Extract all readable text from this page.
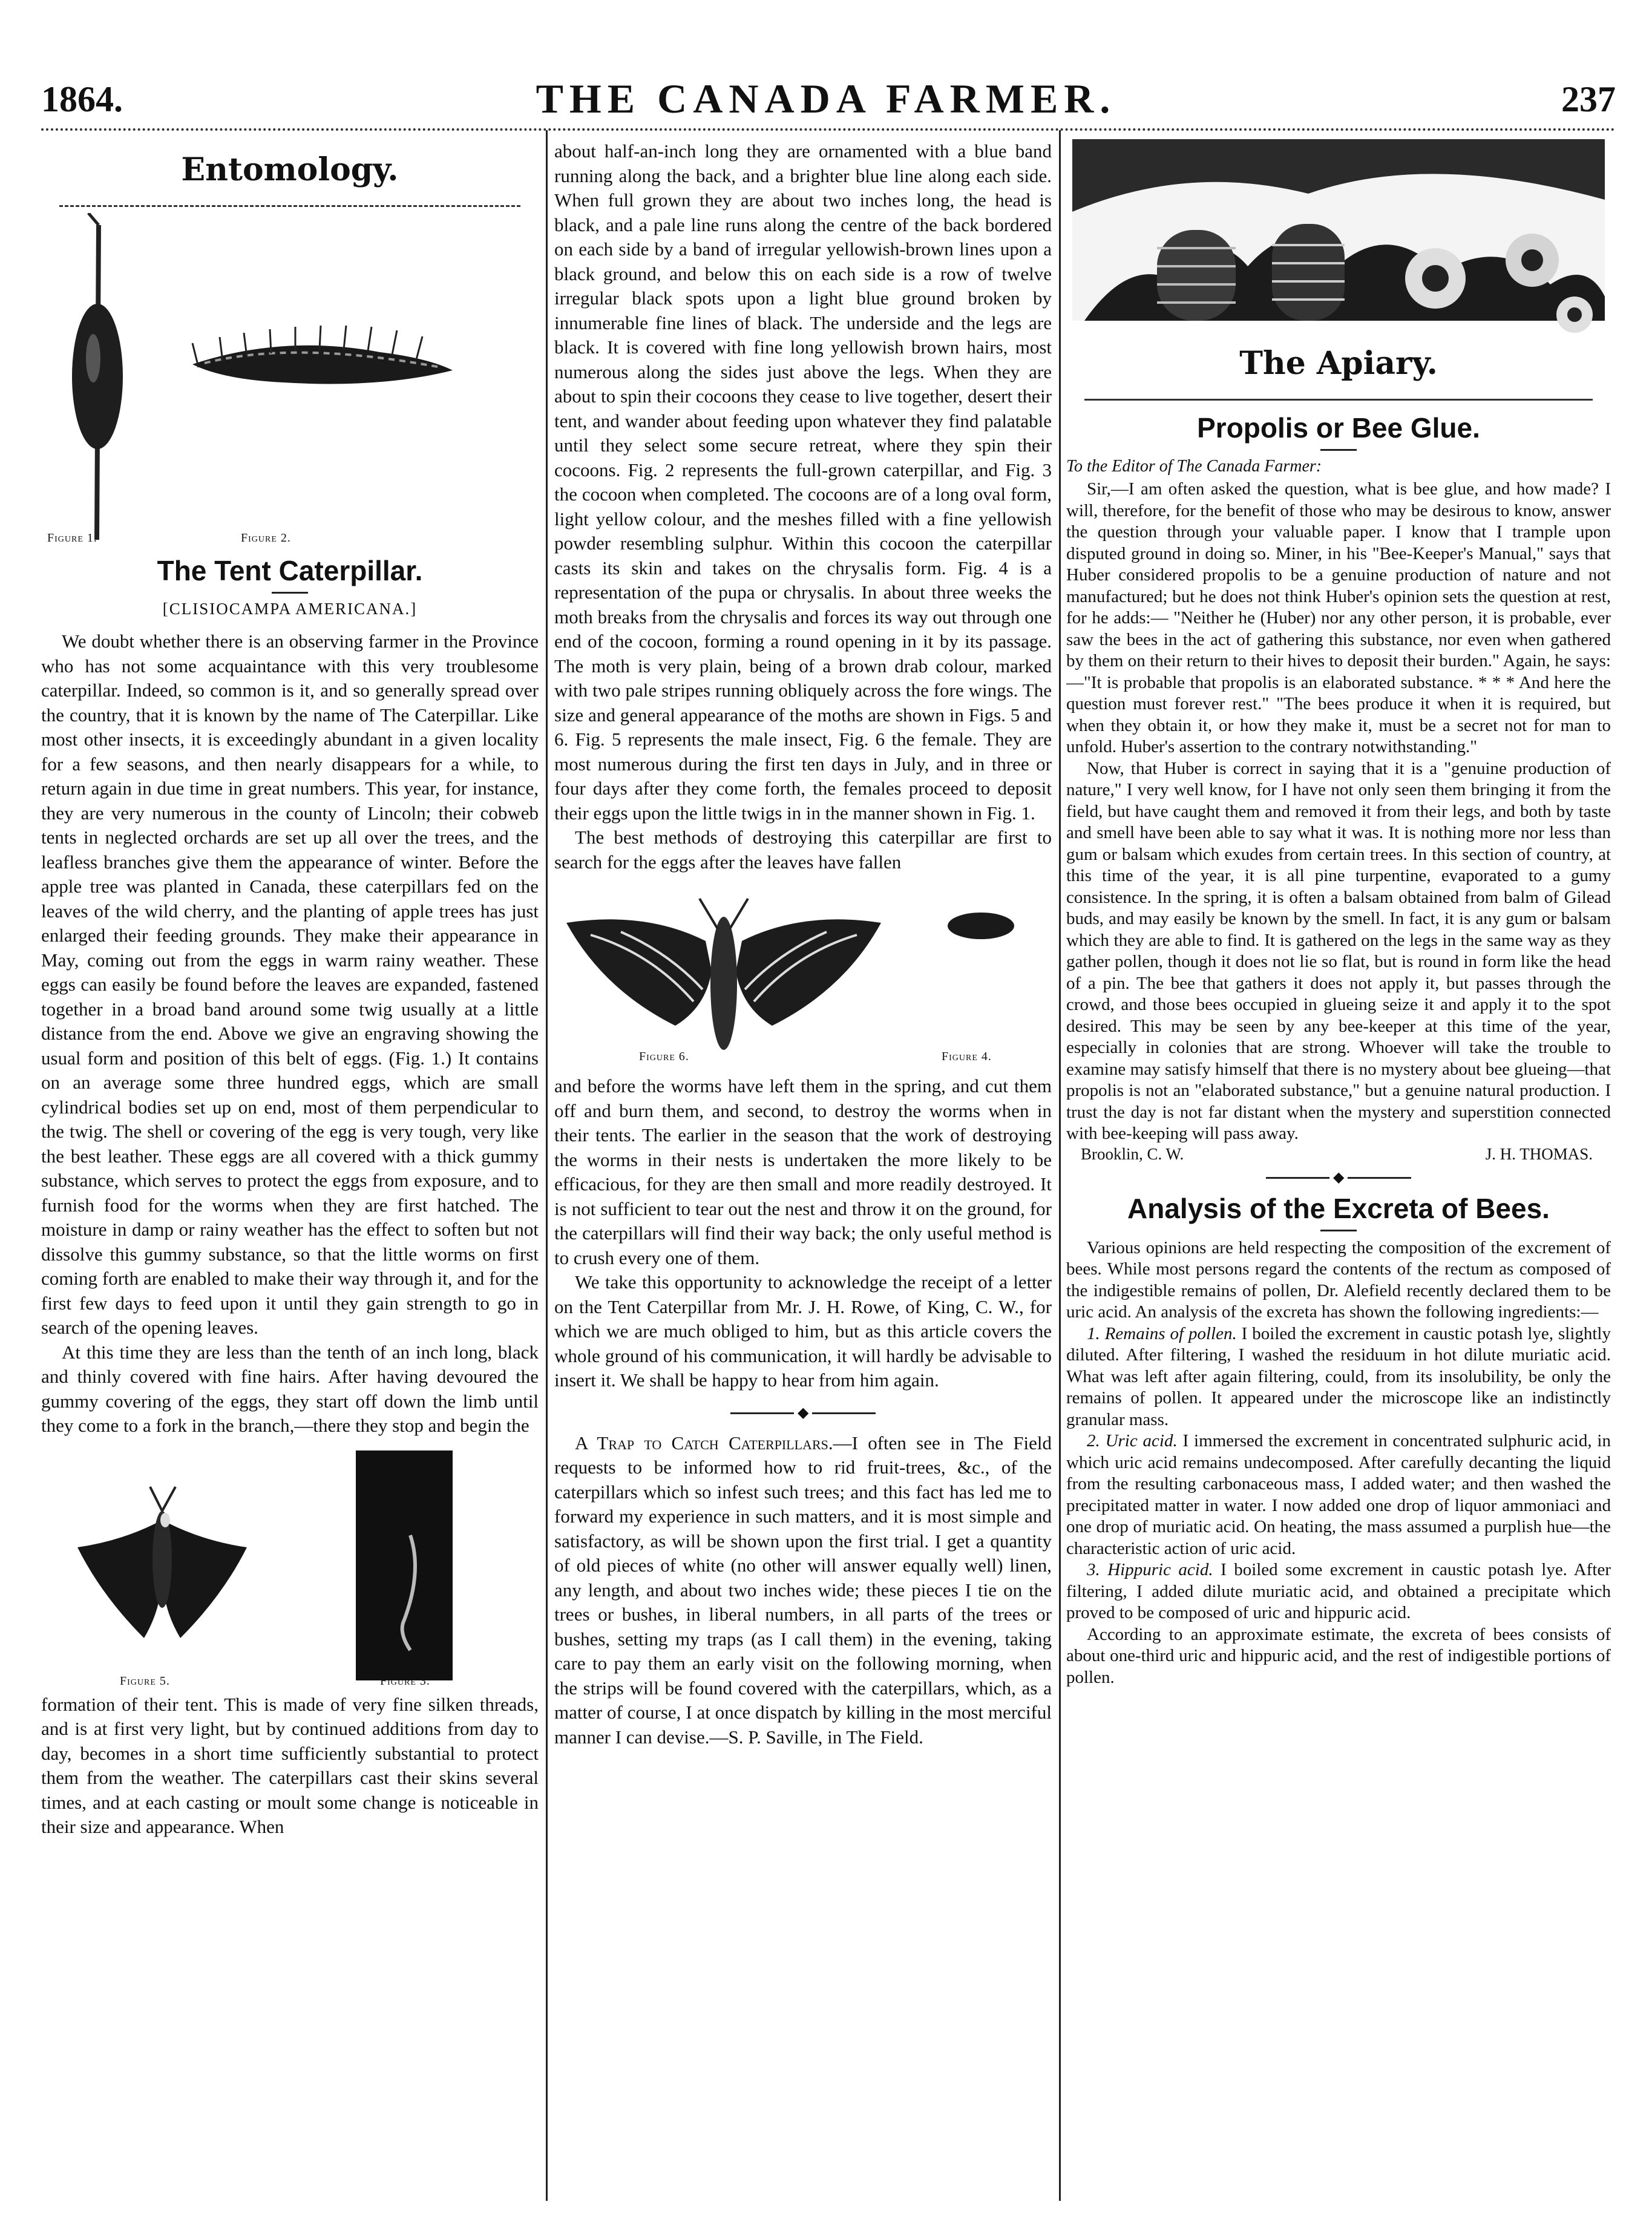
1864.	THE CANADA FARMER.	237
Entomology.
Figure 1.	Figure 2.
The Tent Caterpillar.
[CLISIOCAMPA AMERICANA.]

We doubt whether there is an observing farmer in the Province who has not some acquaintance with this very troublesome caterpillar. Indeed, so common is it, and so generally spread over the country, that it is known by the name of The Caterpillar. Like most other insects, it is exceedingly abundant in a given locality for a few seasons, and then nearly disappears for a while, to return again in due time in great numbers. This year, for instance, they are very numerous in the county of Lincoln; their cobweb tents in neglected orchards are set up all over the trees, and the leafless branches give them the appearance of winter. Before the apple tree was planted in Canada, these caterpillars fed on the leaves of the wild cherry, and the planting of apple trees has just enlarged their feeding grounds. They make their appearance in May, coming out from the eggs in warm rainy weather. These eggs can easily be found before the leaves are expanded, fastened together in a broad band around some twig usually at a little distance from the end. Above we give an engraving showing the usual form and position of this belt of eggs. (Fig. 1.) It contains on an average some three hundred eggs, which are small cylindrical bodies set up on end, most of them perpendicular to the twig. The shell or covering of the egg is very tough, very like the best leather. These eggs are all covered with a thick gummy substance, which serves to protect the eggs from exposure, and to furnish food for the worms when they are first hatched. The moisture in damp or rainy weather has the effect to soften but not dissolve this gummy substance, so that the little worms on first coming forth are enabled to make their way through it, and for the first few days to feed upon it until they gain strength to go in search of the opening leaves.

At this time they are less than the tenth of an inch long, black and thinly covered with fine hairs. After having devoured the gummy covering of the eggs, they start off down the limb until they come to a fork in the branch,—there they stop and begin the

Figure 5.	Figure 3.

formation of their tent. This is made of very fine silken threads, and is at first very light, but by continued additions from day to day, becomes in a short time sufficiently substantial to protect them from the weather. The caterpillars cast their skins several times, and at each casting or moult some change is noticeable in their size and appearance. When

about half-an-inch long they are ornamented with a blue band running along the back, and a brighter blue line along each side. When full grown they are about two inches long, the head is black, and a pale line runs along the centre of the back bordered on each side by a band of irregular yellowish-brown lines upon a black ground, and below this on each side is a row of twelve irregular black spots upon a light blue ground broken by innumerable fine lines of black. The underside and the legs are black. It is covered with fine long yellowish brown hairs, most numerous along the sides just above the legs. When they are about to spin their cocoons they cease to live together, desert their tent, and wander about feeding upon whatever they find palatable until they select some secure retreat, where they spin their cocoons. Fig. 2 represents the full-grown caterpillar, and Fig. 3 the cocoon when completed. The cocoons are of a long oval form, light yellow colour, and the meshes filled with a fine yellowish powder resembling sulphur. Within this cocoon the caterpillar casts its skin and takes on the chrysalis form. Fig. 4 is a representation of the pupa or chrysalis. In about three weeks the moth breaks from the chrysalis and forces its way out through one end of the cocoon, forming a round opening in it by its passage. The moth is very plain, being of a brown drab colour, marked with two pale stripes running obliquely across the fore wings. The size and general appearance of the moths are shown in Figs. 5 and 6. Fig. 5 represents the male insect, Fig. 6 the female. They are most numerous during the first ten days in July, and in three or four days after they come forth, the females proceed to deposit their eggs upon the little twigs in in the manner shown in Fig. 1.

The best methods of destroying this caterpillar are first to search for the eggs after the leaves have fallen

Figure 6.	Figure 4.

and before the worms have left them in the spring, and cut them off and burn them, and second, to destroy the worms when in their tents. The earlier in the season that the work of destroying the worms in their nests is undertaken the more likely to be efficacious, for they are then small and more readily destroyed. It is not sufficient to tear out the nest and throw it on the ground, for the caterpillars will find their way back; the only useful method is to crush every one of them.

We take this opportunity to acknowledge the receipt of a letter on the Tent Caterpillar from Mr. J. H. Rowe, of King, C. W., for which we are much obliged to him, but as this article covers the whole ground of his communication, it will hardly be advisable to insert it. We shall be happy to hear from him again.

◆

A Trap to Catch Caterpillars.—I often see in The Field requests to be informed how to rid fruit-trees, &c., of the caterpillars which so infest such trees; and this fact has led me to forward my experience in such matters, and it is most simple and satisfactory, as will be shown upon the first trial. I get a quantity of old pieces of white (no other will answer equally well) linen, any length, and about two inches wide; these pieces I tie on the trees or bushes, in liberal numbers, in all parts of the trees or bushes, setting my traps (as I call them) in the evening, taking care to pay them an early visit on the following morning, when the strips will be found covered with the caterpillars, which, as a matter of course, I at once dispatch by killing in the most merciful manner I can devise.—S. P. Saville, in The Field.

The Apiary.
Propolis or Bee Glue.
To the Editor of The Canada Farmer:

Sir,—I am often asked the question, what is bee glue, and how made? I will, therefore, for the benefit of those who may be desirous to know, answer the question through your valuable paper. I know that I trample upon disputed ground in doing so. Miner, in his "Bee-Keeper's Manual," says that Huber considered propolis to be a genuine production of nature and not manufactured; but he does not think Huber's opinion sets the question at rest, for he adds:— "Neither he (Huber) nor any other person, it is probable, ever saw the bees in the act of gathering this substance, nor even when gathered by them on their return to their hives to deposit their burden." Again, he says:—"It is probable that propolis is an elaborated substance. * * * And here the question must forever rest." "The bees produce it when it is required, but when they obtain it, or how they make it, must be a secret not for man to unfold. Huber's assertion to the contrary notwithstanding."

Now, that Huber is correct in saying that it is a "genuine production of nature," I very well know, for I have not only seen them bringing it from the field, but have caught them and removed it from their legs, and both by taste and smell have been able to say what it was. It is nothing more nor less than gum or balsam which exudes from certain trees. In this section of country, at this time of the year, it is all pine turpentine, evaporated to a gumy consistence. In the spring, it is often a balsam obtained from balm of Gilead buds, and may easily be known by the smell. In fact, it is any gum or balsam which they are able to find. It is gathered on the legs in the same way as they gather pollen, though it does not lie so flat, but is round in form like the head of a pin. The bee that gathers it does not apply it, but passes through the crowd, and those bees occupied in glueing seize it and apply it to the spot desired. This may be seen by any bee-keeper at this time of the year, especially in colonies that are strong. Whoever will take the trouble to examine may satisfy himself that there is no mystery about bee glueing—that propolis is not an "elaborated substance," but a genuine natural production. I trust the day is not far distant when the mystery and superstition connected with bee-keeping will pass away.

Brooklin, C. W.	J. H. THOMAS.
◆
Analysis of the Excreta of Bees.

Various opinions are held respecting the composition of the excrement of bees. While most persons regard the contents of the rectum as composed of the indigestible remains of pollen, Dr. Alefield recently declared them to be uric acid. An analysis of the excreta has shown the following ingredients:—

1. Remains of pollen. I boiled the excrement in caustic potash lye, slightly diluted. After filtering, I washed the residuum in hot dilute muriatic acid. What was left after again filtering, could, from its insolubility, be only the remains of pollen. It appeared under the microscope like an indistinctly granular mass.

2. Uric acid. I immersed the excrement in concentrated sulphuric acid, in which uric acid remains undecomposed. After carefully decanting the liquid from the resulting carbonaceous mass, I added water; and then washed the precipitated matter in water. I now added one drop of liquor ammoniaci and one drop of muriatic acid. On heating, the mass assumed a purplish hue—the characteristic action of uric acid.

3. Hippuric acid. I boiled some excrement in caustic potash lye. After filtering, I added dilute muriatic acid, and obtained a precipitate which proved to be composed of uric and hippuric acid.

According to an approximate estimate, the excreta of bees consists of about one-third uric and hippuric acid, and the rest of indigestible portions of pollen.
